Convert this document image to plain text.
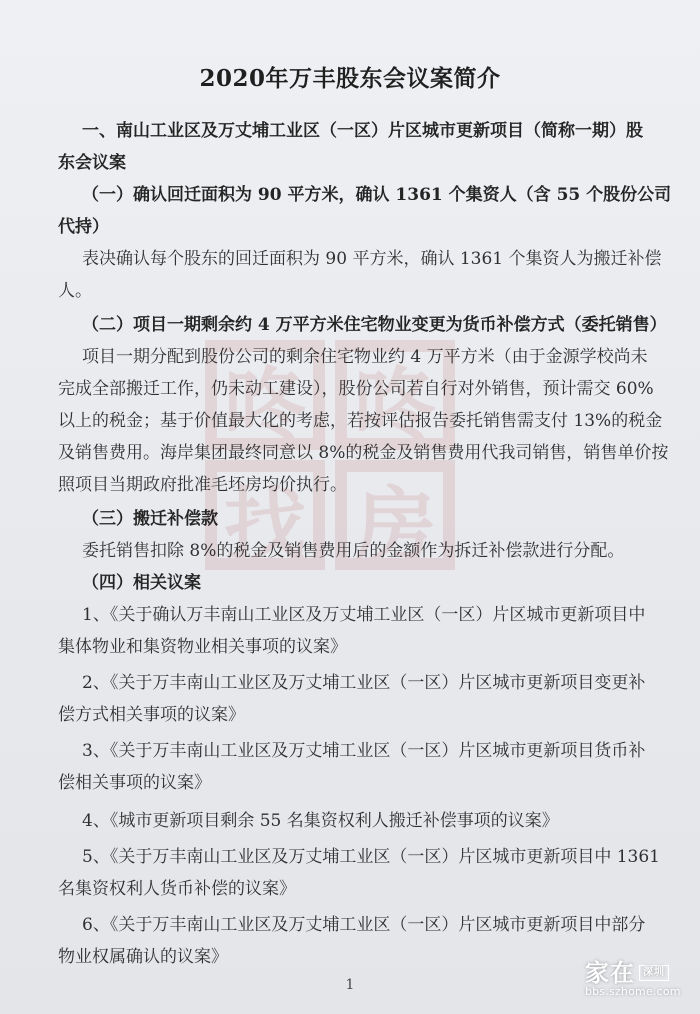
咚 咚
找 房
2020年万丰股东会议案简介
一、南山工业区及万丈埔工业区（一区）片区城市更新项目（简称一期）股
东会议案
（一）确认回迁面积为 90 平方米，确认 1361 个集资人（含 55 个股份公司
代持）
表决确认每个股东的回迁面积为 90 平方米，确认 1361 个集资人为搬迁补偿
人。
（二）项目一期剩余约 4 万平方米住宅物业变更为货币补偿方式（委托销售）
项目一期分配到股份公司的剩余住宅物业约 4 万平方米（由于金源学校尚未
完成全部搬迁工作，仍未动工建设），股份公司若自行对外销售，预计需交 60%
以上的税金；基于价值最大化的考虑，若按评估报告委托销售需支付 13%的税金
及销售费用。海岸集团最终同意以 8%的税金及销售费用代我司销售，销售单价按
照项目当期政府批准毛坯房均价执行。
（三）搬迁补偿款
委托销售扣除 8%的税金及销售费用后的金额作为拆迁补偿款进行分配。
（四）相关议案
1、《关于确认万丰南山工业区及万丈埔工业区（一区）片区城市更新项目中
集体物业和集资物业相关事项的议案》
2、《关于万丰南山工业区及万丈埔工业区（一区）片区城市更新项目变更补
偿方式相关事项的议案》
3、《关于万丰南山工业区及万丈埔工业区（一区）片区城市更新项目货币补
偿相关事项的议案》
4、《城市更新项目剩余 55 名集资权利人搬迁补偿事项的议案》
5、《关于万丰南山工业区及万丈埔工业区（一区）片区城市更新项目中 1361
名集资权利人货币补偿的议案》
6、《关于万丰南山工业区及万丈埔工业区（一区）片区城市更新项目中部分
物业权属确认的议案》
1	家在 深圳
bbs.szhome.com
